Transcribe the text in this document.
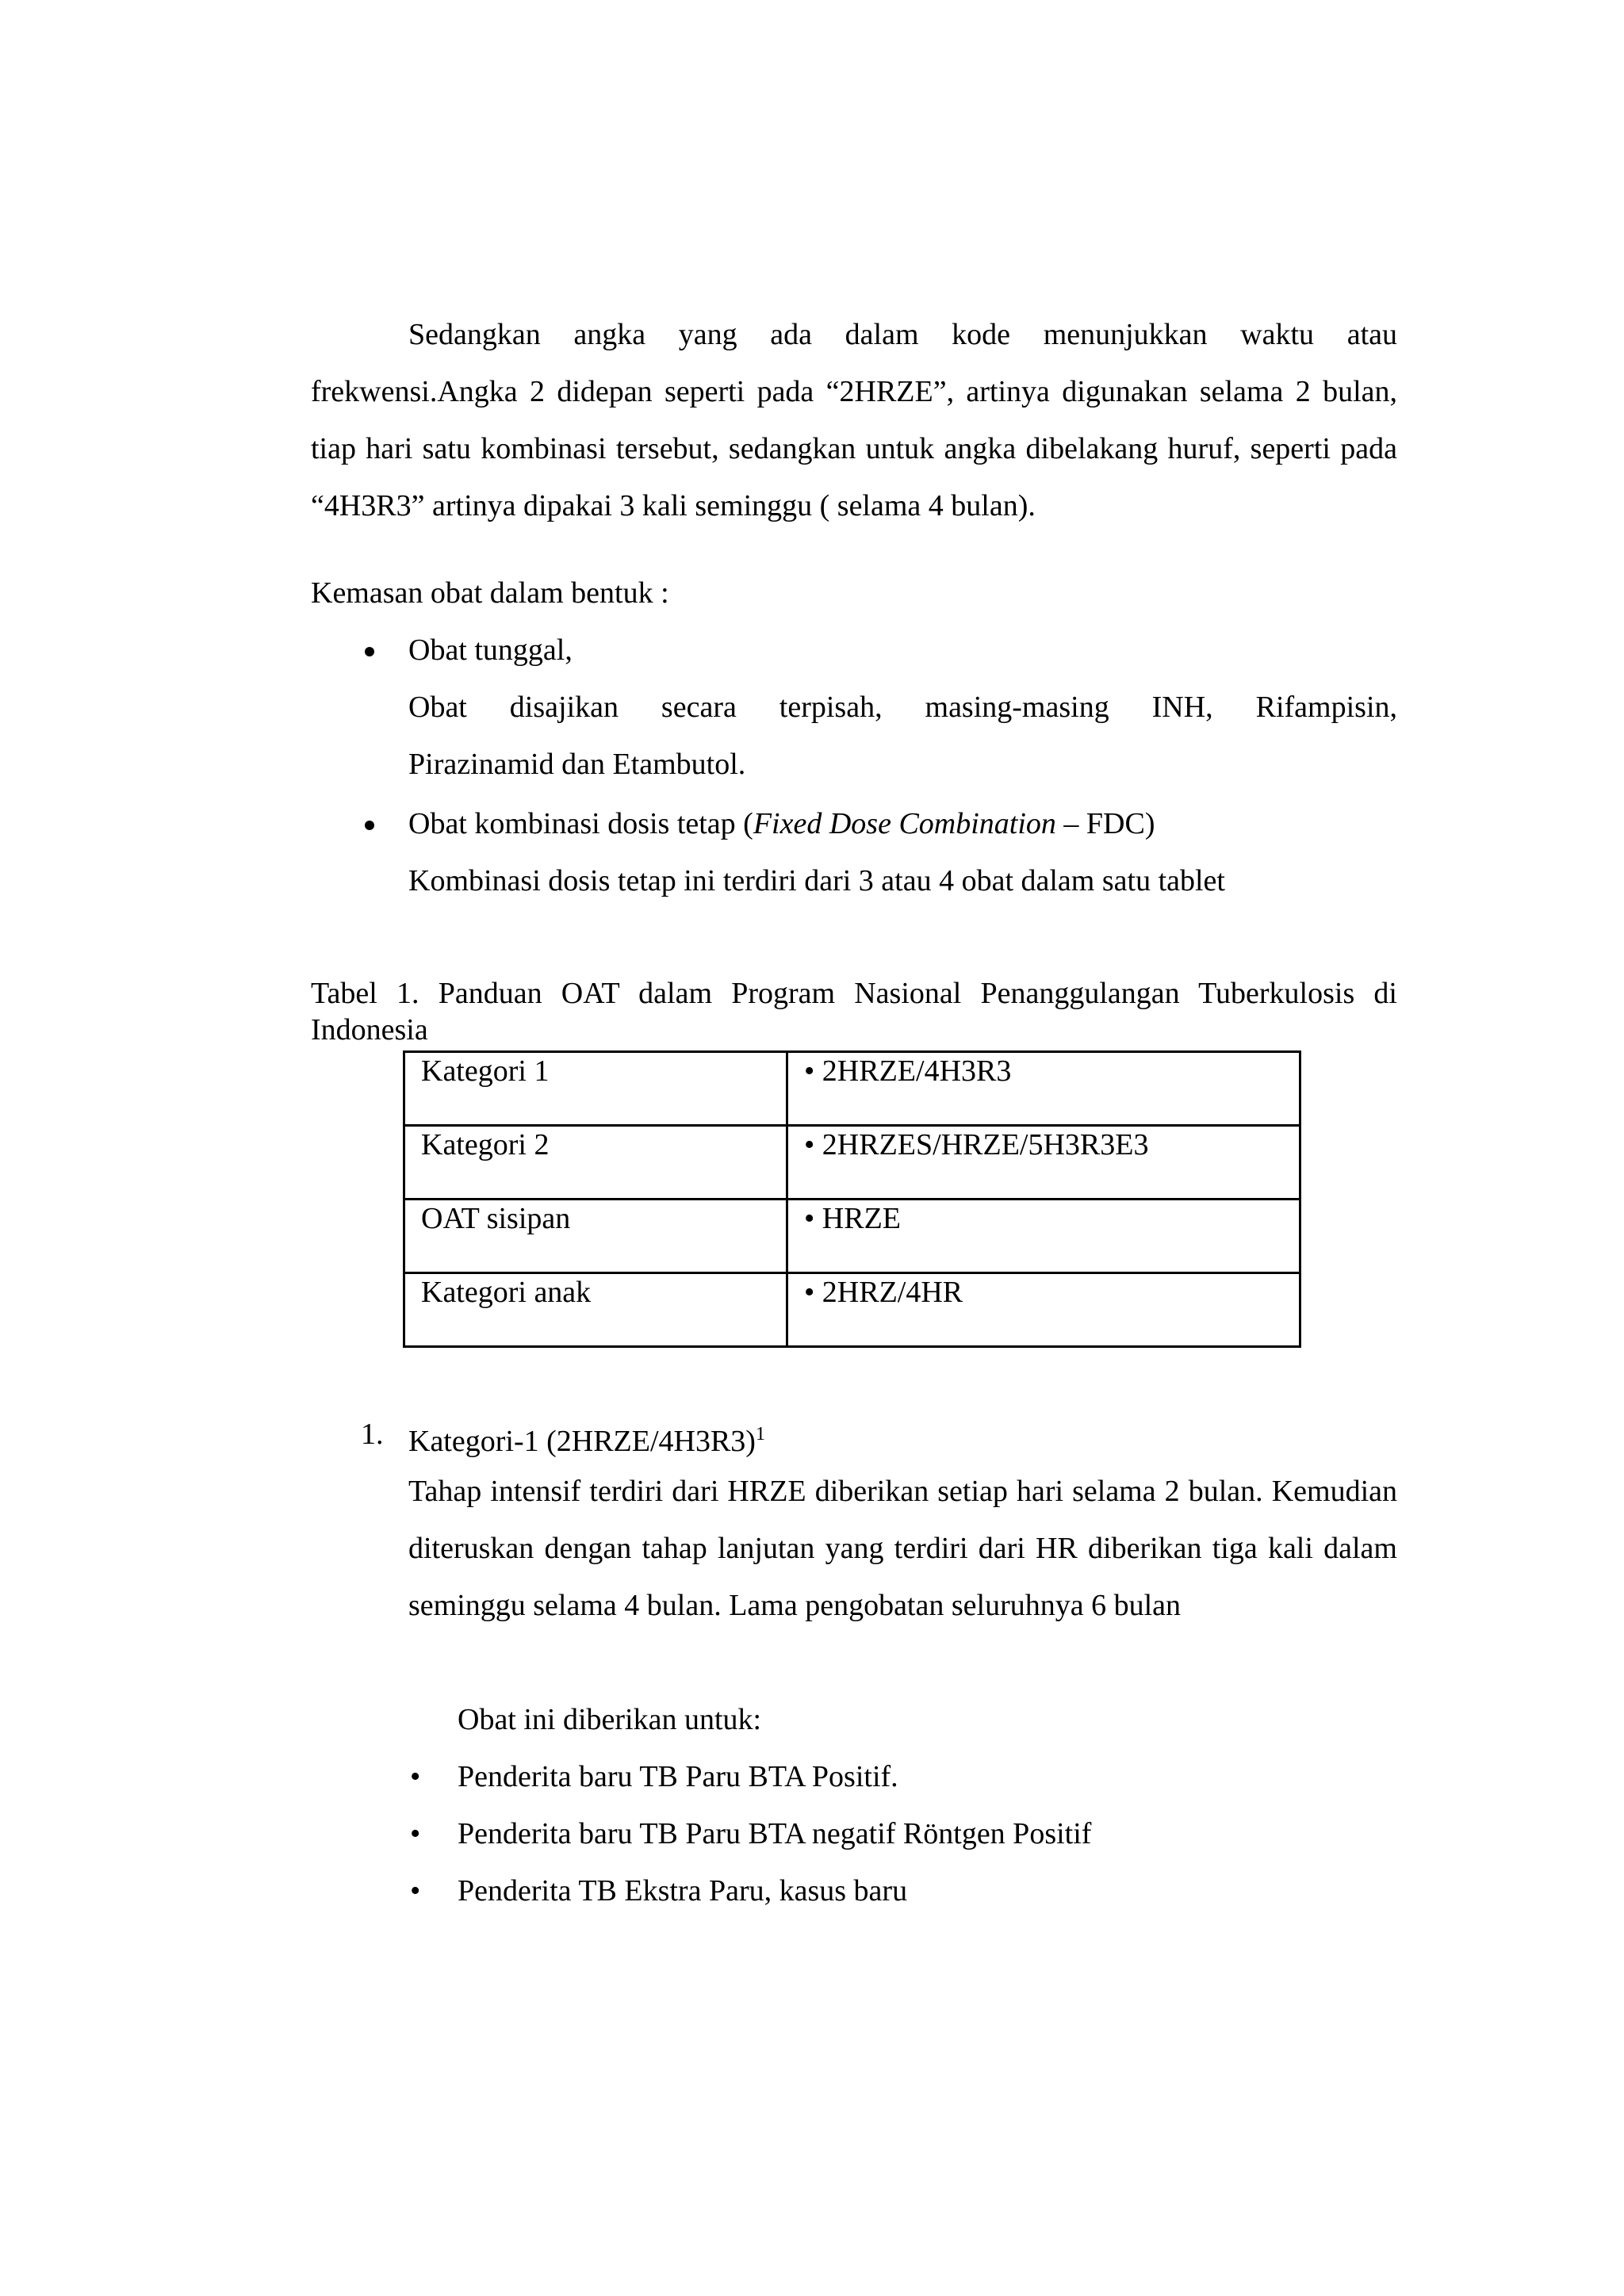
Sedangkan angka yang ada dalam kode menunjukkan waktu atau frekwensi.Angka 2 didepan seperti pada “2HRZE”, artinya digunakan selama 2 bulan, tiap hari satu kombinasi tersebut, sedangkan untuk angka dibelakang huruf, seperti pada “4H3R3” artinya dipakai 3 kali seminggu ( selama 4 bulan).
Kemasan obat dalam bentuk :
Obat tunggal,
Obat disajikan secara terpisah, masing-masing INH, Rifampisin,
Pirazinamid dan Etambutol.
Obat kombinasi dosis tetap (Fixed Dose Combination – FDC)
Kombinasi dosis tetap ini terdiri dari 3 atau 4 obat dalam satu tablet
Tabel 1. Panduan OAT dalam Program Nasional Penanggulangan Tuberkulosis di Indonesia
Kategori 1	• 2HRZE/4H3R3
Kategori 2	• 2HRZES/HRZE/5H3R3E3
OAT sisipan	• HRZE
Kategori anak	• 2HRZ/4HR
1. Kategori-1 (2HRZE/4H3R3)$^1$
Tahap intensif terdiri dari HRZE diberikan setiap hari selama 2 bulan. Kemudian diteruskan dengan tahap lanjutan yang terdiri dari HR diberikan tiga kali dalam seminggu selama 4 bulan. Lama pengobatan seluruhnya 6 bulan
Obat ini diberikan untuk:
• Penderita baru TB Paru BTA Positif.
• Penderita baru TB Paru BTA negatif Röntgen Positif
• Penderita TB Ekstra Paru, kasus baru
